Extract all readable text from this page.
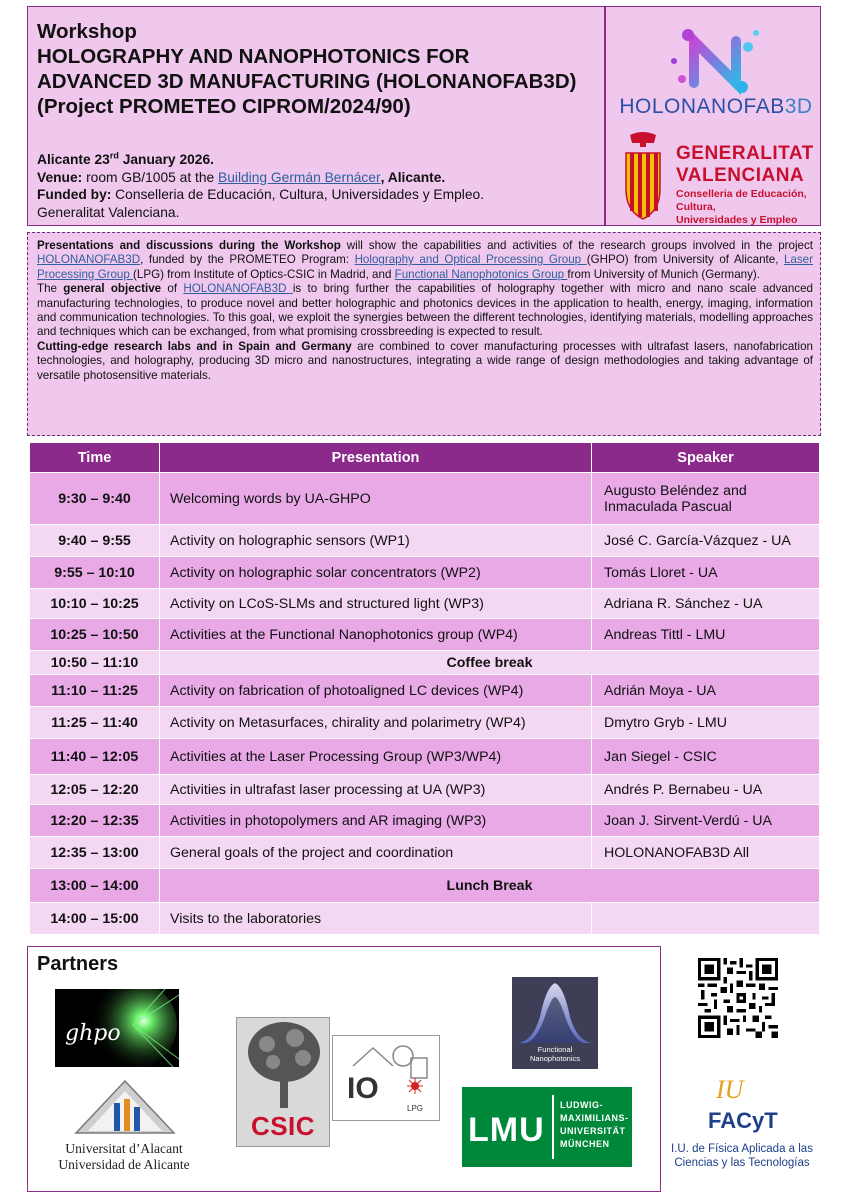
Workshop
HOLOGRAPHY AND NANOPHOTONICS FOR
ADVANCED 3D MANUFACTURING (HOLONANOFAB3D)
(Project PROMETEO CIPROM/2024/90)
Alicante 23rd January 2026.
Venue: room GB/1005 at the Building Germán Bernácer, Alicante.
Funded by: Conselleria de Educación, Cultura, Universidades y Empleo.
Generalitat Valenciana.
HOLONANOFAB3D
GENERALITAT
VALENCIANA
Conselleria de Educación, Cultura,
Universidades y Empleo

Presentations and discussions during the Workshop will show the capabilities and activities of the research groups involved in the project HOLONANOFAB3D, funded by the PROMETEO Program: Holography and Optical Processing Group (GHPO) from University of Alicante, Laser Processing Group (LPG) from Institute of Optics-CSIC in Madrid, and Functional Nanophotonics Group from University of Munich (Germany).

The general objective of HOLONANOFAB3D is to bring further the capabilities of holography together with micro and nano scale advanced manufacturing technologies, to produce novel and better holographic and photonics devices in the application to health, energy, imaging, information and communication technologies. To this goal, we exploit the synergies between the different technologies, identifying materials, modelling approaches and techniques which can be exchanged, from what promising crossbreeding is expected to result.

Cutting-edge research labs and in Spain and Germany are combined to cover manufacturing processes with ultrafast lasers, nanofabrication technologies, and holography, producing 3D micro and nanostructures, integrating a wide range of design methodologies and taking advantage of versatile photosensitive materials.

Time	Presentation	Speaker
9:30 – 9:40	Welcoming words by UA-GHPO	Augusto Beléndez and Inmaculada Pascual
9:40 – 9:55	Activity on holographic sensors (WP1)	José C. García-Vázquez - UA
9:55 – 10:10	Activity on holographic solar concentrators (WP2)	Tomás Lloret - UA
10:10 – 10:25	Activity on LCoS-SLMs and structured light (WP3)	Adriana R. Sánchez - UA
10:25 – 10:50	Activities at the Functional Nanophotonics group (WP4)	Andreas Tittl - LMU
10:50 – 11:10	Coffee break	
11:10 – 11:25	Activity on fabrication of photoaligned LC devices (WP4)	Adrián Moya - UA
11:25 – 11:40	Activity on Metasurfaces, chirality and polarimetry (WP4)	Dmytro Gryb - LMU
11:40 – 12:05	Activities at the Laser Processing Group (WP3/WP4)	Jan Siegel - CSIC
12:05 – 12:20	Activities in ultrafast laser processing at UA (WP3)	Andrés P. Bernabeu - UA
12:20 – 12:35	Activities in photopolymers and AR imaging (WP3)	Joan J. Sirvent-Verdú - UA
12:35 – 13:00	General goals of the project and coordination	HOLONANOFAB3D All
13:00 – 14:00	Lunch Break	
14:00 – 15:00	Visits to the laboratories	
Partners
ghpo
Universitat d’Alacant
Universidad de Alicante
CSIC
IO
LPG
Functional
Nanophotonics
LMU
LUDWIG-
MAXIMILIANS-
UNIVERSITÄT
MÜNCHEN
IU
FACyT
I.U. de Física Aplicada a las
Ciencias y las Tecnologías
